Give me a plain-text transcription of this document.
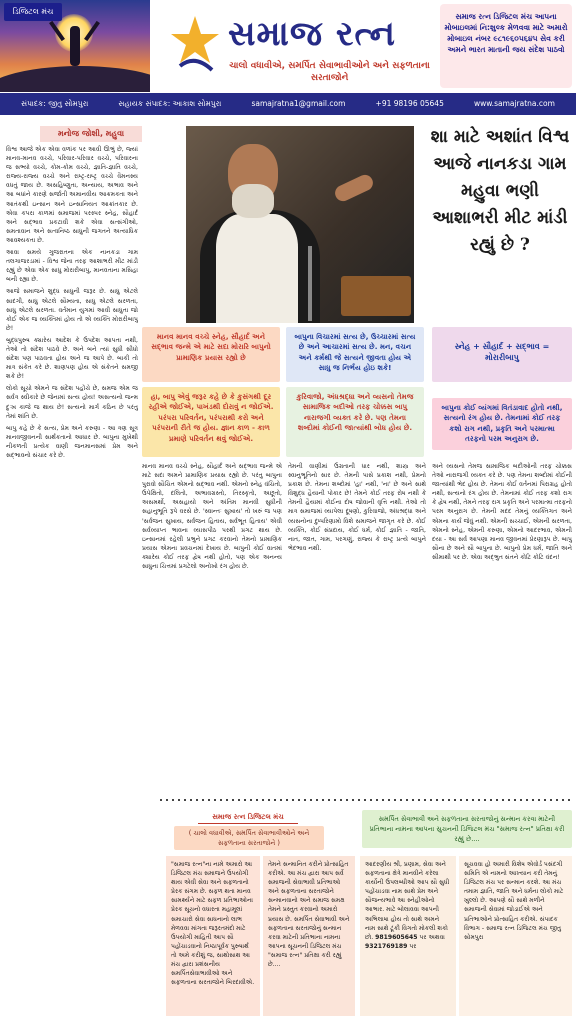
ડિજિટલ મંચ
સમાજ રત્ન
ચાલો વધાવીએ, સમર્પિત સેવાભાવીઓને અને સફળતાના સરતાજોને
સમાજ રત્ન ડિજિટલ મંચ આપના મોબાઇલમાં નિ:શુલ્ક મેળવવા માટે અમારો મોબાઇલ નંબર ૯૮૧૯૬૦૫૬૪૫ સેવ કરી અમને ભારત માતાની જય સંદેશ પાઠવો
સંપાદક: જીતુ સોમપુરા	સહાયક સંપાદક: આકાશ સોમપુરા	samajratna1@gmail.com	+91 98196 05645	www.samajratna.com
મનોજ જોશી, મહુવા

વિશ્વ આજે એક એવા વળાંક પર આવી ઊભું છે, જ્યાં માનવ-માનવ વચ્ચે, પરિવાર-પરિવાર વચ્ચે, પરિવારના જ સભ્યો વચ્ચે, કોમ-કોમ વચ્ચે, જ્ઞાતિ-જ્ઞાતિ વચ્ચે, રાજ્ય-રાજ્ય વચ્ચે અને રાષ્ટ્ર-રાષ્ટ્ર વચ્ચે વૈમનસ્ય વધતું જાય છે. અસહિષ્ણુતા, અન્યાય, અભાવ અને આ બધાંને કારણે સર્જાતી અમાનવીય આક્રમકતા અને આતંકથી ઇન્સાન અને ઇન્સાનિયત આક્રાંતકાર છે. એવા કપરા કાળમાં સમાજમાં પરસ્પર સ્નેહ, સૌહાર્દ અને સદ્ભાવ પ્રકટાવી શકે એવા સત્સંગીઓ, સમતાવાન અને સત્વનિષ્ઠ સાધુની જગતને અત્યાધિક આવશ્યકતા છે.

આવા સમયે ગુજરાતના એક નાનકડા ગામ તલગાજરડામાં - વિશ્વ જેના તરફ આશાભરી મીટ માંડી રહ્યું છે એવા એક સાધુ મોરારીબાપુ, માનવતાના મસિહા બની રહ્યા છે.

આજે સમાજને શુદ્ધ સાધુની જરૂર છે. સાધુ એટલે સાદગી, સાધુ એટલે સૌમ્યતા, સાધુ એટલે સરળતા, સાધુ એટલે સરળતા. વર્તમાન યુગમાં આવી સાધુતા જો કોઈ એક જ વ્યક્તિમાં હોય તો એ વ્યક્તિ મોરારીબાપુ છે!

બુદ્ધપુરુષ ક્યારેય આદેશ કે ઉપદેશ આપતા નથી, તેઓ તો સંદેશ પાઠવે છે. અને બને ત્યાં સુધી સીધો સંદેશ પણ પાઠવતા હોય અને જ આપે છે. બાકી તો માત્ર સંકેત કરે છે. શાણપણ હોય એ સંકેતને સમજી શકે છે!

લોકો સૂચો એમને જ સંદેશ પહોંચે છે, સમજ એમ જ સર્વત્ર સ્વીકારે છે જેનામાં સત્ય હોય! અસત્યનો જન્મ દુઃખ કાજે જ થાય છે! સત્યનો માર્ગ કઠિન છે પરંતુ તેમાં શાંતિ છે.

બાપુ કહે છે કે સત્ય, પ્રેમ અને કરુણા - આ ત્રણ સૂત્ર માનવજીવનની સાર્થકતાનો આધાર છે. બાપુના મુખેથી નીકળતી પ્રત્યેક વાણી જનમાનસમાં પ્રેમ અને સદ્ભાવનો સંચાર કરે છે.

શા માટે અશાંત વિશ્વ આજે નાનકડા ગામ મહુવા ભણી આશાભરી મીટ માંડી રહ્યું છે ?
માનવ માનવ વચ્ચે સ્નેહ, સૌહાર્દ અને સદ્ભાવ જન્મે એ માટે સદા મોરારિ બાપુનો પ્રામાણિક પ્રયાસ રહ્યો છે
બાપુના વિચારમાં સત્ય છે, ઉચ્ચારમાં સત્ય છે અને આચારમાં સત્ય છે. મન, વચન અને કર્મથી જે સત્યને જીવતા હોય એ સાધુ જ નિર્ભય હોઇ શકે!
સ્નેહ + સૌહાર્દ + સદ્ભાવ = મોરારીબાપુ
હા, બાપુ એવું જરૂર કહે છે કે કુસંગથી દૂર રહીએ જોઈએ, પાખંડથી દોરાવું ન જોઈએ. પરંપરા પરિવર્તન, પરંપરાથી કરો અને પરંપરાની રીતે જ હોય. જ્ઞાન કાળ - કાળ પ્રમાણે પરિવર્તન થવું જોઈએ.
કુરિવાજો, અંધશ્રદ્ધા અને વ્યસનો તેમજ સામાજિક બદીઓ તરફ ચોક્કસ બાપુ નારાજગી વ્યક્ત કરે છે. પણ તેમના શબ્દોમાં કોઈની જાત્યાંથી બોધ હોય છે.
બાપુના કોઈ વ્યંગમાં વિતંડાવાદ હોતો નથી, સત્યનો રંગ હોય છે. તેમનામાં કોઈ તરફ કશો રાગ નથી, પ્રકૃતિ અને પરમાત્મા તરફનો પરમ અનુરાગ છે.
માનવ માનવ વચ્ચે સ્નેહ, સૌહાર્દ અને સદ્ભાવ જન્મે એ માટે સદા અમને પ્રામાણિક પ્રયાસ રહ્યો છે. પરંતુ બાપુના પુરાવો સૌચિત એમનો સદ્ભાવ નથી. એમનો સ્નેહ વંચિતો, ઉપેક્ષિતો, દલિતો, અભાવગ્રસ્તો, તિરસ્કૃતો, અછૂતો, અસમર્થો, અસહાયો અને અંતિમ માનવી સુધીની સહાનુભૂતિ રૂપે વરસે છે. 'સ્વાન્તઃ સુખાય' તો ખરું જ પણ 'સર્વજન સુખાય, સર્વજન હિતાય, સર્વભૂત હિતાય' એવી સર્વવ્યાપ્ત ભાવના વ્યાસપીઠ પરથી પ્રગટ થાય છે. ઇન્સાનમાં રહેલી પ્રભુને પ્રગટ કરવાનો તેમનો પ્રામાણિક પ્રયાસ એમના પ્રવચનમાં દેખાય છે. બાપુની કોઈ વાતમાં ક્યારેય કોઈ તરફ દ્વેષ નથી હોતો, પણ એક અનન્ય સાધુના ચિત્તમાં પ્રગટેલો અનોખો રંગ હોય છે.
તેમની વાણીમાં ઉગ્રતાની ધાર નથી, શાસ્ત્ર અને સ્વાનુભૂતિનો સાર છે. તેમની પાસે પ્રકાશ નથી, પ્રેમનો પ્રકાશ છે. તેમના શબ્દોમાં 'હા' નથી, 'ના' છે અને સાથે વિશુદ્ધ હૈયાની પોકાર છે! તેમને કોઈ તરફ રોષ નથી કે તેમની હૈયામાં કોઈના દોષ જોવાની વૃત્તિ નથી. તેઓ તો માત્ર સમાજમાં વ્યાપેલા દૂષણો, કુરિવાજો, અંધશ્રદ્ધા અને વ્યસનોના દુષ્પરિણામો વિશે સમાજને જાગૃત કરે છે. કોઈ વ્યક્તિ, કોઈ સંપ્રદાય, કોઈ ધર્મ, કોઈ જ્ઞાતિ - જાતિ, નાત, જાત, ગામ, પરગણું, રાજ્ય કે રાષ્ટ્ર પ્રત્યે બાપુને ભેદભાવ નથી.
અને વ્યસનો તેમજ સામાજિક બદીઓની તરફ ચોક્કસ તેઓ નારાજગી વ્યક્ત કરે છે. પણ તેમના શબ્દોમાં કોઈની જાત્યાંથી ભેદ હોય છે. તેમના કોઈ વર્તનમાં પિરાગ્રહ હોતો નથી, સત્યનો રંગ હોય છે. તેમનામાં કોઈ તરફ કશો રાગ કે દ્વેષ નથી, તેમને તરફ રાગ પ્રકૃતિ અને પરમાત્મા તરફનો પરમ અનુરાગ છે. તેમની મદદ તેમનું વ્યક્તિગત અને એમના કાર્ય જેવું નથી. એમની સચ્ચાઈ, એમની સરળતા, એમનો સ્નેહ, એમની કરુણા, એમનો આદરભાવ, એમની દયા - આ સર્વ આપણા માનવ જીવનમાં પ્રેરણારૂપ છે. બાપુ સૌના છે અને સૌ બાપુના છે. બાપુનો પ્રેમ ધર્મ, જાતિ અને સીમાથી પર છે. એવા અદ્ભુત સંતને કોટિ કોટિ વંદન!
સમાજ રત્ન ડિજિટલ મંચ
( ચાલો વધાવીએ, સમર્પિત સેવાભાવીઓને અને સફળતાના સરતાજોને )
સમર્પિત સેવાભાવી અને સફળતાના સરતાજોનું સન્માન કરવા માટેની પ્રતિભાના નામના આપના સુચનની ડિજિટલ મંચ "સમાજ રત્ન" પ્રતિક્ષા કરી રહ્યું છે....
"સમાજ રત્ન"ના નામે અમારો આ ડિજિટલ મંચ સમાજને ઉપયોગી થાય એવી સેવા અને સફળતાનો પ્રેરક સંગમ છે. સફળ થતા માનવ સામર્થ્યને માટે સફળ પ્રતિભાઓના પ્રેરક સૂચનો વધારતા મહામૂલાં સમાચારો સેવા સાધનાનો લાભ મેળવવા માંગતા જરૂરતમંદો માટે ઉપયોગી માહિતી આપ સૌ પહોંચાડવાનો નિષ્ઠાપૂર્વક પુરુષાર્થ તો અમે કરીશું જ, સાથોસાથ આ મંચ દ્વારા પ્રશંસનીય સમર્પિતસેવાભાવીઓ અને સફળતાના સરતાજોને બિરદાવીએ.
તેમને સન્માનિત કરીને પ્રોત્સાહિત કરીએ. આ મંચ દ્વારા આપ સર્વે સમાજની સેવાભાવી પ્રતિભાઓ અને સફળતાના સરતાજોને સન્માનવાનો અને સમાજ સમક્ષ તેમને પ્રસ્તુત કરવાનો અમારો પ્રયાસ છે. સમર્પિત સેવાભાવી અને સફળતાના સરતાજોનું સન્માન કરવા માટેની પ્રતિભાના નામના આપના સૂચનની ડિજિટલ મંચ "સમાજ રત્ન" પ્રતિક્ષા કરી રહ્યું છે....
આદરણીય શ્રી, પ્રણામ, સેવા અને સફળતાના ક્ષેત્રે માનવીને કરેલા કાર્યોની ઉપલબ્ધીઓ આપ સૌ સુધી પહોંચાડવા નામ સાથે પ્રેમ અને સૌજન્યભાવે આ સ્નેહીઓનો આભાર. માટે બોલાવવા આપની અભિલાષા હોય તો સાથે અમને નામ સાથે ટૂંકી વિગતો મોકલી શકો છો. 9819605645 પર અથવા 9321769189 પર
સૂચવવા હો અમારી વિશેષ એવોર્ડ પસંદગી સમિતિ એ નામનો આખ્યાન કરી તેમનું ડિજિટલ મંચ પર સન્માન કરશે. આ મંચ તમામ જ્ઞાતિ, જાતિ અને ધર્મના લોકો માટે ખુલ્લો છે. આપણે સૌ સાથે મળીને સમાજની સેવામાં જોડાઈએ અને પ્રતિભાઓને પ્રોત્સાહિત કરીએ. સંપાદક વિભાગ - સમાજ રત્ન ડિજિટલ મંચ જીતુ સોમપુરા
